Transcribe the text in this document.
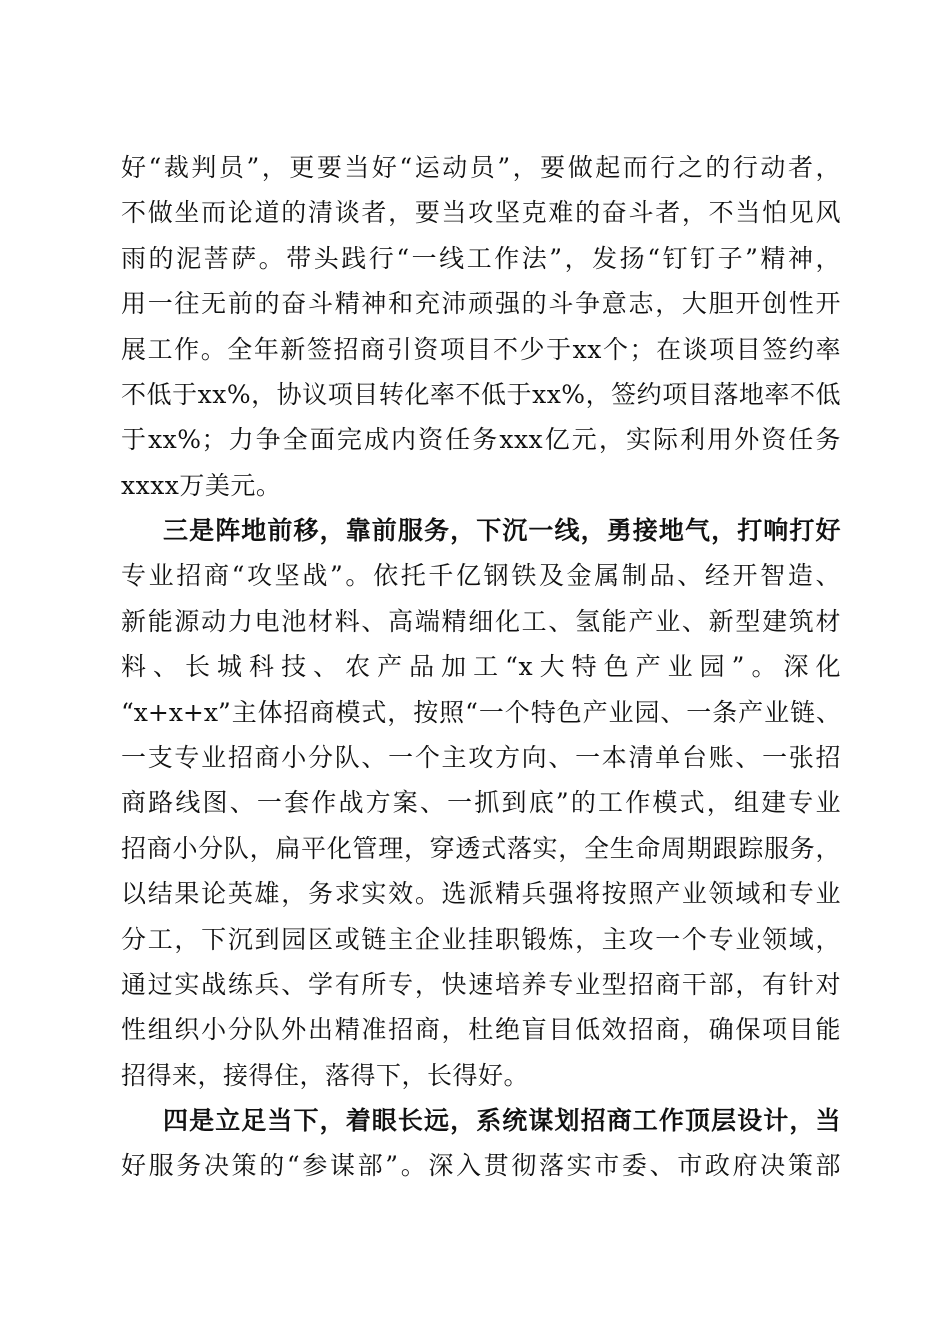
好“裁判员”，更要当好“运动员”，要做起而行之的行动者，
不做坐而论道的清谈者，要当攻坚克难的奋斗者，不当怕见风
雨的泥菩萨。带头践行“一线工作法”，发扬“钉钉子”精神，
用一往无前的奋斗精神和充沛顽强的斗争意志，大胆开创性开
展工作。全年新签招商引资项目不少于xx个；在谈项目签约率
不低于xx%，协议项目转化率不低于xx%，签约项目落地率不低
于xx%；力争全面完成内资任务xxx亿元，实际利用外资任务
xxxx万美元。
三是阵地前移，靠前服务，下沉一线，勇接地气，打响打好
专业招商“攻坚战”。依托千亿钢铁及金属制品、经开智造、
新能源动力电池材料、高端精细化工、氢能产业、新型建筑材
料、长城科技、农产品加工“x大特色产业园”。深化
“x+x+x”主体招商模式，按照“一个特色产业园、一条产业链、
一支专业招商小分队、一个主攻方向、一本清单台账、一张招
商路线图、一套作战方案、一抓到底”的工作模式，组建专业
招商小分队，扁平化管理，穿透式落实，全生命周期跟踪服务，
以结果论英雄，务求实效。选派精兵强将按照产业领域和专业
分工，下沉到园区或链主企业挂职锻炼，主攻一个专业领域，
通过实战练兵、学有所专，快速培养专业型招商干部，有针对
性组织小分队外出精准招商，杜绝盲目低效招商，确保项目能
招得来，接得住，落得下，长得好。
四是立足当下，着眼长远，系统谋划招商工作顶层设计，当
好服务决策的“参谋部”。深入贯彻落实市委、市政府决策部
